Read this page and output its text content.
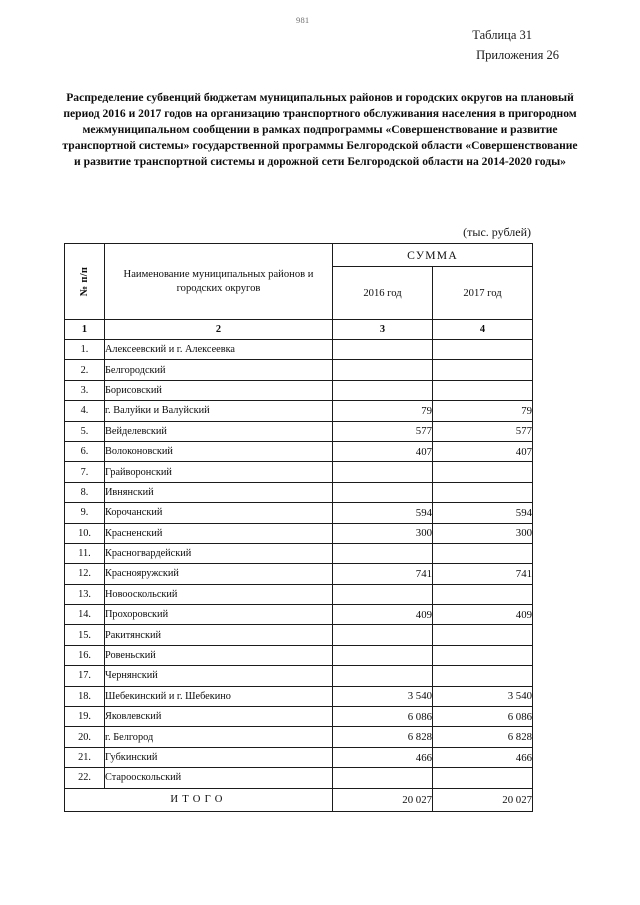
981
Таблица 31
Приложения 26
Распределение субвенций бюджетам муниципальных районов и городских округов на плановый период 2016 и 2017 годов на организацию транспортного обслуживания населения в пригородном межмуниципальном сообщении в рамках подпрограммы «Совершенствование и развитие транспортной системы» государственной программы Белгородской области «Совершенствование и развитие транспортной системы и дорожной сети Белгородской области на 2014-2020 годы»
(тыс. рублей)
№ п/п	Наименование муниципальных районов и городских округов	СУММА	
		2016 год	2017 год
1	2	3	4
1.	Алексеевский и г. Алексеевка		
2.	Белгородский		
3.	Борисовский		
4.	г. Валуйки и Валуйский	79	79
5.	Вейделевский	577	577
6.	Волоконовский	407	407
7.	Грайворонский		
8.	Ивнянский		
9.	Корочанский	594	594
10.	Красненский	300	300
11.	Красногвардейский		
12.	Краснояружский	741	741
13.	Новооскольский		
14.	Прохоровский	409	409
15.	Ракитянский		
16.	Ровеньский		
17.	Чернянский		
18.	Шебекинский и г. Шебекино	3 540	3 540
19.	Яковлевский	6 086	6 086
20.	г. Белгород	6 828	6 828
21.	Губкинский	466	466
22.	Старооскольский		
ИТОГО		20 027	20 027
